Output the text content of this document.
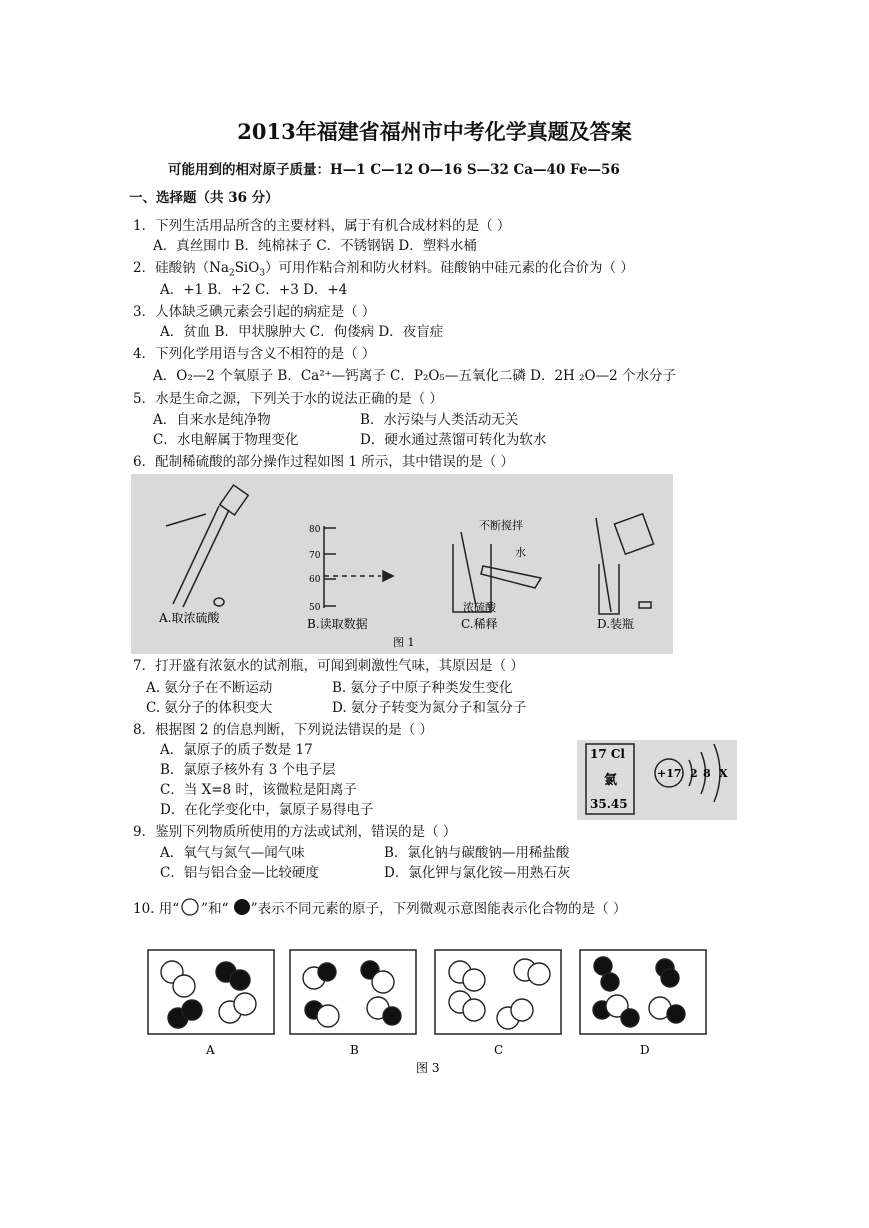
2013年福建省福州市中考化学真题及答案
可能用到的相对原子质量：H—1 C—12 O—16 S—32 Ca—40 Fe—56
一、选择题（共 36 分）
1．下列生活用品所含的主要材料，属于有机合成材料的是（ ）
A．真丝围巾 B．纯棉袜子 C．不锈钢锅 D．塑料水桶
2．硅酸钠$(Na_2SiO_3)$可用作粘合剂和防火材料。硅酸钠中硅元素的化合价为（ ）
A．+1 B．+2 C．+3 D．+4
3．人体缺乏碘元素会引起的病症是（ ）
A．贫血 B．甲状腺肿大 C．佝偻病 D．夜盲症
4．下列化学用语与含义不相符的是（ ）
A．O₂—2 个氧原子 B．Ca²⁺—钙离子 C．P₂O₅—五氧化二磷 D．2H ₂O—2 个水分子
5．水是生命之源，下列关于水的说法正确的是（ ）
A．自来水是纯净物	B．水污染与人类活动无关
C．水电解属于物理变化	D．硬水通过蒸馏可转化为软水
6．配制稀硫酸的部分操作过程如图 1 所示，其中错误的是（ ）
80
70
60
50
不断搅拌
水
浓硫酸
A.取浓硫酸	B.读取数据	C.稀释	D.装瓶
图 1
7．打开盛有浓氨水的试剂瓶，可闻到刺激性气味，其原因是（ ）
A. 氨分子在不断运动	B. 氨分子中原子种类发生变化
C. 氨分子的体积变大	D. 氨分子转变为氮分子和氢分子
8．根据图 2 的信息判断，下列说法错误的是（ ）
A．氯原子的质子数是 17
B．氯原子核外有 3 个电子层
C．当 X=8 时，该微粒是阳离子
D．在化学变化中，氯原子易得电子
17 Cl
氯
35.45
+17 2 8 X
9．鉴别下列物质所使用的方法或试剂，错误的是（ ）
A．氧气与氮气—闻气味	B．氯化钠与碳酸钠—用稀盐酸
C．铝与铝合金—比较硬度	D．氯化钾与氯化铵—用熟石灰
10. 用“ ”和“ ”表示不同元素的原子，下列微观示意图能表示化合物的是（ ）
A	B	C	D
图 3
